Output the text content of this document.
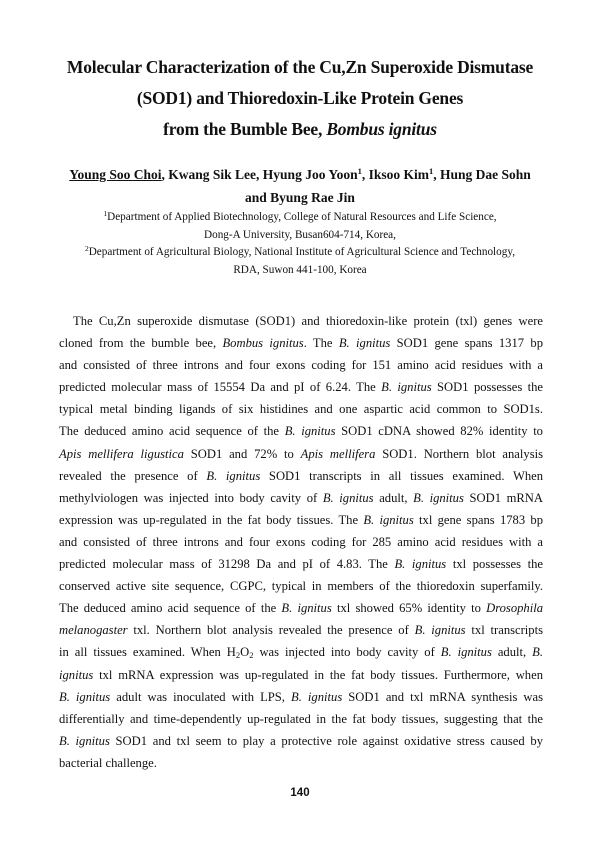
Molecular Characterization of the Cu,Zn Superoxide Dismutase
(SOD1) and Thioredoxin-Like Protein Genes
from the Bumble Bee, Bombus ignitus
Young Soo Choi, Kwang Sik Lee, Hyung Joo Yoon$^1$, Iksoo Kim$^1$, Hung Dae Sohn
and Byung Rae Jin
$^1$Department of Applied Biotechnology, College of Natural Resources and Life Science,
Dong-A University, Busan604-714, Korea,
$^2$Department of Agricultural Biology, National Institute of Agricultural Science and Technology,
RDA, Suwon 441-100, Korea
The Cu,Zn superoxide dismutase (SOD1) and thioredoxin-like protein (txl) genes were
cloned from the bumble bee, Bombus ignitus. The B. ignitus SOD1 gene spans 1317 bp
and consisted of three introns and four exons coding for 151 amino acid residues with a
predicted molecular mass of 15554 Da and pI of 6.24. The B. ignitus SOD1 possesses the
typical metal binding ligands of six histidines and one aspartic acid common to SOD1s.
The deduced amino acid sequence of the B. ignitus SOD1 cDNA showed 82% identity to
Apis mellifera ligustica SOD1 and 72% to Apis mellifera SOD1. Northern blot analysis
revealed the presence of B. ignitus SOD1 transcripts in all tissues examined. When
methylviologen was injected into body cavity of B. ignitus adult, B. ignitus SOD1 mRNA
expression was up-regulated in the fat body tissues. The B. ignitus txl gene spans 1783 bp
and consisted of three introns and four exons coding for 285 amino acid residues with a
predicted molecular mass of 31298 Da and pI of 4.83. The B. ignitus txl possesses the
conserved active site sequence, CGPC, typical in members of the thioredoxin superfamily.
The deduced amino acid sequence of the B. ignitus txl showed 65% identity to Drosophila
melanogaster txl. Northern blot analysis revealed the presence of B. ignitus txl transcripts
in all tissues examined. When $H_2O_2$ was injected into body cavity of B. ignitus adult, B.
ignitus txl mRNA expression was up-regulated in the fat body tissues. Furthermore, when
B. ignitus adult was inoculated with LPS, B. ignitus SOD1 and txl mRNA synthesis was
differentially and time-dependently up-regulated in the fat body tissues, suggesting that the
B. ignitus SOD1 and txl seem to play a protective role against oxidative stress caused by
bacterial challenge.
140
